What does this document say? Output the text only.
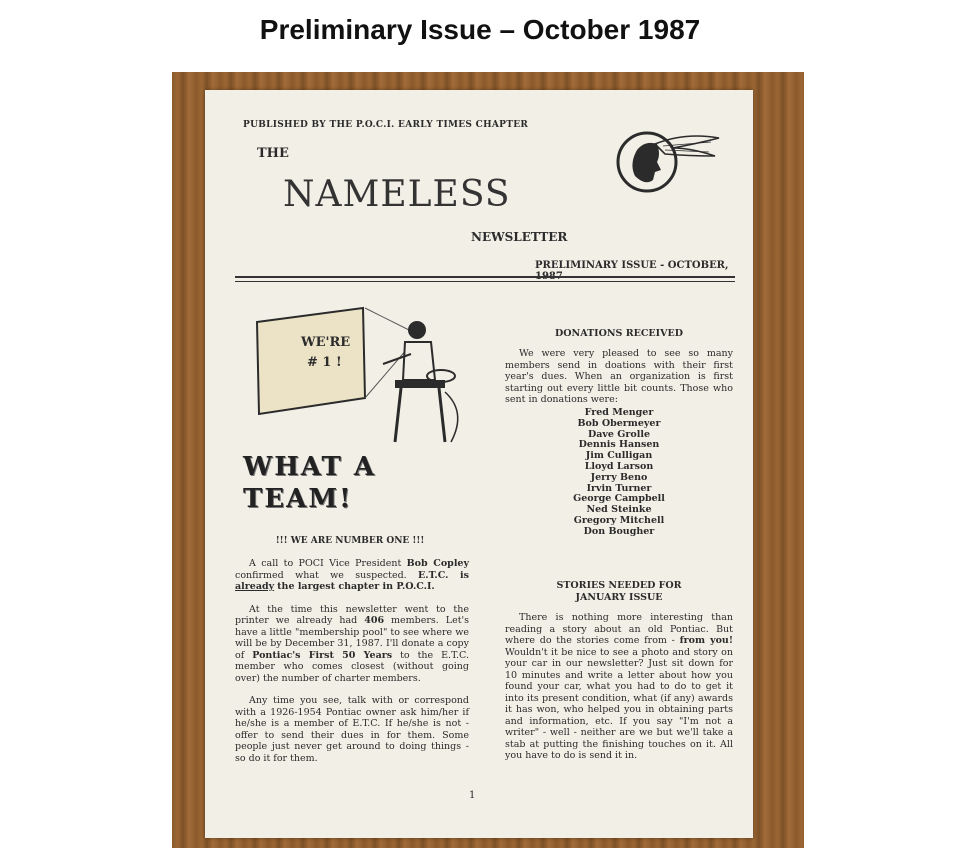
Preliminary Issue – October 1987
PUBLISHED BY THE P.O.C.I. EARLY TIMES CHAPTER
THE
NAMELESS
NEWSLETTER
PRELIMINARY ISSUE - OCTOBER, 1987
WE'RE
# 1 !
WHAT A
TEAM!
!!! WE ARE NUMBER ONE !!!

A call to POCI Vice President Bob Copley confirmed what we suspected. E.T.C. is already the largest chapter in P.O.C.I.

At the time this newsletter went to the printer we already had 406 members. Let's have a little "membership pool" to see where we will be by December 31, 1987. I'll donate a copy of Pontiac's First 50 Years to the E.T.C. member who comes closest (without going over) the number of charter members.

Any time you see, talk with or correspond with a 1926-1954 Pontiac owner ask him/her if he/she is a member of E.T.C. If he/she is not - offer to send their dues in for them. Some people just never get around to doing things - so do it for them.

DONATIONS RECEIVED

We were very pleased to see so many members send in doations with their first year's dues. When an organization is first starting out every little bit counts. Those who sent in donations were:

Fred Menger
Bob Obermeyer
Dave Grolle
Dennis Hansen
Jim Culligan
Lloyd Larson
Jerry Beno
Irvin Turner
George Campbell
Ned Steinke
Gregory Mitchell
Don Bougher
STORIES NEEDED FOR
JANUARY ISSUE

There is nothing more interesting than reading a story about an old Pontiac. But where do the stories come from - from you! Wouldn't it be nice to see a photo and story on your car in our newsletter? Just sit down for 10 minutes and write a letter about how you found your car, what you had to do to get it into its present condition, what (if any) awards it has won, who helped you in obtaining parts and information, etc. If you say "I'm not a writer" - well - neither are we but we'll take a stab at putting the finishing touches on it. All you have to do is send it in.

1
